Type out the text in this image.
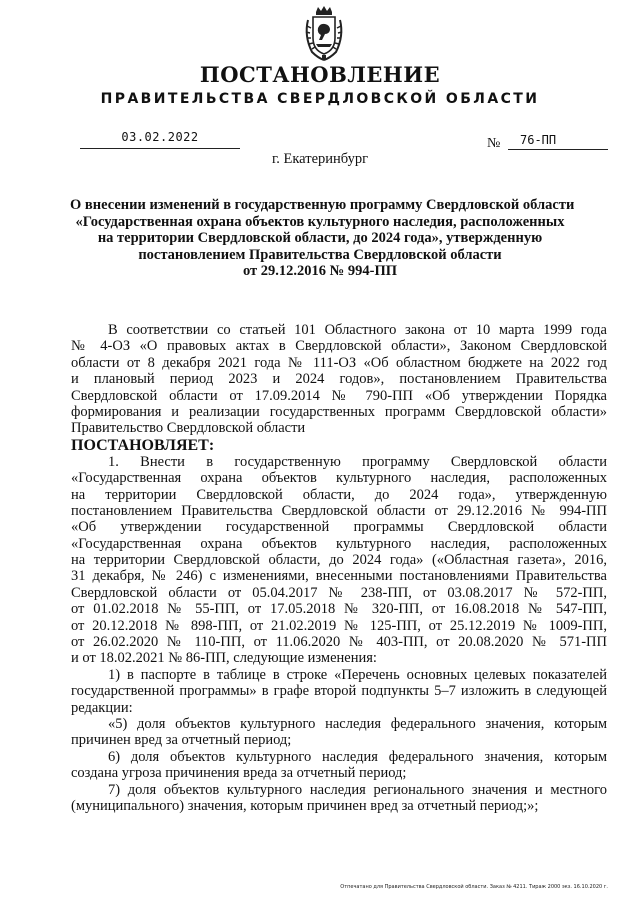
ПОСТАНОВЛЕНИЕ
ПРАВИТЕЛЬСТВА СВЕРДЛОВСКОЙ ОБЛАСТИ
03.02.2022	№	76-ПП
г. Екатеринбург
О внесении изменений в государственную программу Свердловской области
«Государственная охрана объектов культурного наследия, расположенных
на территории Свердловской области, до 2024 года», утвержденную
постановлением Правительства Свердловской области
от 29.12.2016 № 994-ПП
В соответствии со статьей 101 Областного закона от 10 марта 1999 года
№ 4-ОЗ «О правовых актах в Свердловской области», Законом Свердловской
области от 8 декабря 2021 года № 111-ОЗ «Об областном бюджете на 2022 год
и плановый период 2023 и 2024 годов», постановлением Правительства
Свердловской области от 17.09.2014 № 790-ПП «Об утверждении Порядка
формирования и реализации государственных программ Свердловской области»
Правительство Свердловской области
ПОСТАНОВЛЯЕТ:
1. Внести в государственную программу Свердловской области
«Государственная охрана объектов культурного наследия, расположенных
на территории Свердловской области, до 2024 года», утвержденную
постановлением Правительства Свердловской области от 29.12.2016 № 994-ПП
«Об утверждении государственной программы Свердловской области
«Государственная охрана объектов культурного наследия, расположенных
на территории Свердловской области, до 2024 года» («Областная газета», 2016,
31 декабря, № 246) с изменениями, внесенными постановлениями Правительства
Свердловской области от 05.04.2017 № 238-ПП, от 03.08.2017 № 572-ПП,
от 01.02.2018 № 55-ПП, от 17.05.2018 № 320-ПП, от 16.08.2018 № 547-ПП,
от 20.12.2018 № 898-ПП, от 21.02.2019 № 125-ПП, от 25.12.2019 № 1009-ПП,
от 26.02.2020 № 110-ПП, от 11.06.2020 № 403-ПП, от 20.08.2020 № 571-ПП
и от 18.02.2021 № 86-ПП, следующие изменения:
1) в паспорте в таблице в строке «Перечень основных целевых показателей
государственной программы» в графе второй подпункты 5–7 изложить в следующей
редакции:
«5) доля объектов культурного наследия федерального значения, которым
причинен вред за отчетный период;
6) доля объектов культурного наследия федерального значения, которым
создана угроза причинения вреда за отчетный период;
7) доля объектов культурного наследия регионального значения и местного
(муниципального) значения, которым причинен вред за отчетный период;»;
Отпечатано для Правительства Свердловской области. Заказ № 4211. Тираж 2000 экз. 16.10.2020 г.
